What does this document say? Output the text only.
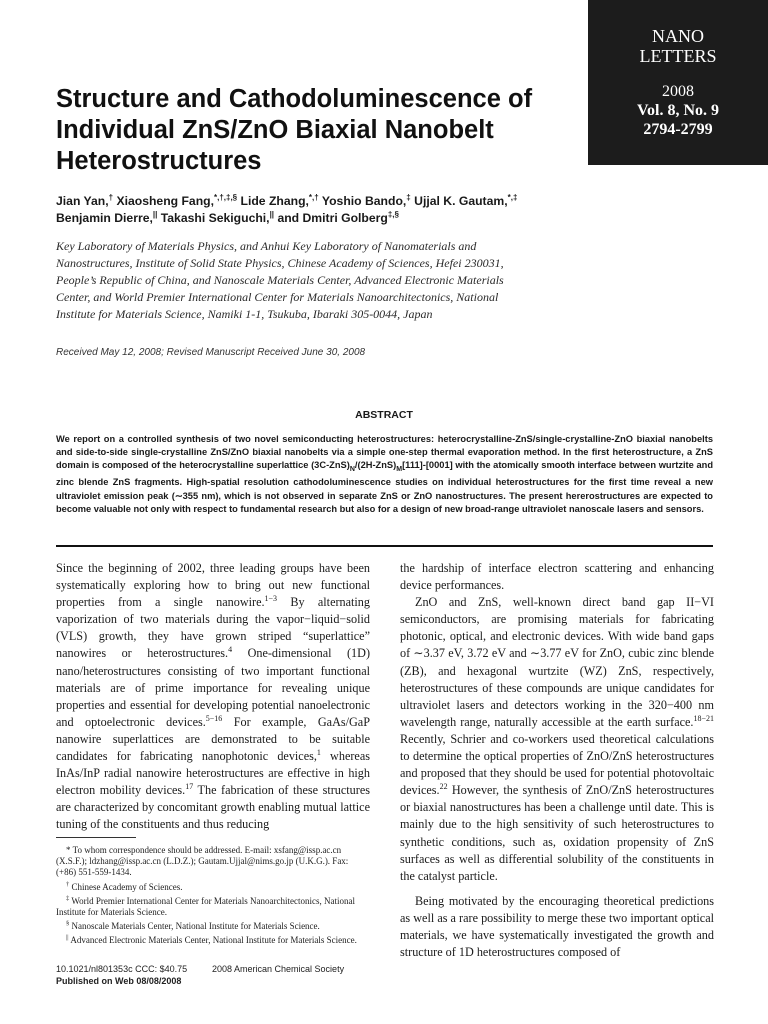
NANO
LETTERS
2008
Vol. 8, No. 9
2794-2799
Structure and Cathodoluminescence of Individual ZnS/ZnO Biaxial Nanobelt Heterostructures
Jian Yan,† Xiaosheng Fang,*,†,‡,§ Lide Zhang,*,† Yoshio Bando,‡ Ujjal K. Gautam,*,‡
Benjamin Dierre,|| Takashi Sekiguchi,|| and Dmitri Golberg‡,§
Key Laboratory of Materials Physics, and Anhui Key Laboratory of Nanomaterials and Nanostructures, Institute of Solid State Physics, Chinese Academy of Sciences, Hefei 230031, People’s Republic of China, and Nanoscale Materials Center, Advanced Electronic Materials Center, and World Premier International Center for Materials Nanoarchitectonics, National Institute for Materials Science, Namiki 1-1, Tsukuba, Ibaraki 305-0044, Japan
Received May 12, 2008; Revised Manuscript Received June 30, 2008
ABSTRACT
We report on a controlled synthesis of two novel semiconducting heterostructures: heterocrystalline-ZnS/single-crystalline-ZnO biaxial nanobelts and side-to-side single-crystalline ZnS/ZnO biaxial nanobelts via a simple one-step thermal evaporation method. In the first heterostructure, a ZnS domain is composed of the heterocrystalline superlattice $(3C-ZnS)_N/(2H-ZnS)_M[111]-[0001]$ with the atomically smooth interface between wurtzite and zinc blende ZnS fragments. High-spatial resolution cathodoluminescence studies on individual heterostructures for the first time reveal a new ultraviolet emission peak (∼355 nm), which is not observed in separate ZnS or ZnO nanostructures. The present hererostructures are expected to become valuable not only with respect to fundamental research but also for a design of new broad-range ultraviolet nanoscale lasers and sensors.

Since the beginning of 2002, three leading groups have been systematically exploring how to bring out new functional properties from a single nanowire.$^{1-3}$ By alternating vaporization of two materials during the vapor−liquid−solid (VLS) growth, they have grown striped “superlattice” nanowires or heterostructures.$^4$ One-dimensional (1D) nano/heterostructures consisting of two important functional materials are of prime importance for revealing unique properties and essential for developing potential nanoelectronic and optoelectronic devices.$^{5-16}$ For example, GaAs/GaP nanowire superlattices are demonstrated to be suitable candidates for fabricating nanophotonic devices,$^1$ whereas InAs/InP radial nanowire heterostructures are effective in high electron mobility devices.$^{17}$ The fabrication of these structures are characterized by concomitant growth enabling mutual lattice tuning of the constituents and thus reducing

* To whom correspondence should be addressed. E-mail: xsfang@issp.ac.cn (X.S.F.); ldzhang@issp.ac.cn (L.D.Z.); Gautam.Ujjal@nims.go.jp (U.K.G.). Fax: (+86) 551-559-1434.
† Chinese Academy of Sciences.
‡ World Premier International Center for Materials Nanoarchitectonics, National Institute for Materials Science.
§ Nanoscale Materials Center, National Institute for Materials Science.
|| Advanced Electronic Materials Center, National Institute for Materials Science.
10.1021/nl801353c CCC: $40.75	2008 American Chemical Society
Published on Web 08/08/2008

the hardship of interface electron scattering and enhancing device performances.

ZnO and ZnS, well-known direct band gap II−VI semiconductors, are promising materials for fabricating photonic, optical, and electronic devices. With wide band gaps of ∼3.37 eV, 3.72 eV and ∼3.77 eV for ZnO, cubic zinc blende (ZB), and hexagonal wurtzite (WZ) ZnS, respectively, heterostructures of these compounds are unique candidates for ultraviolet lasers and detectors working in the 320−400 nm wavelength range, naturally accessible at the earth surface.$^{18-21}$ Recently, Schrier and co-workers used theoretical calculations to determine the optical properties of ZnO/ZnS heterostructures and proposed that they should be used for potential photovoltaic devices.$^{22}$ However, the synthesis of ZnO/ZnS heterostructures or biaxial nanostructures has been a challenge until date. This is mainly due to the high sensitivity of such heterostructures to synthetic conditions, such as, oxidation propensity of ZnS surfaces as well as differential solubility of the constituents in the catalyst particle.

Being motivated by the encouraging theoretical predictions as well as a rare possibility to merge these two important optical materials, we have systematically investigated the growth and structure of 1D heterostructures composed of
